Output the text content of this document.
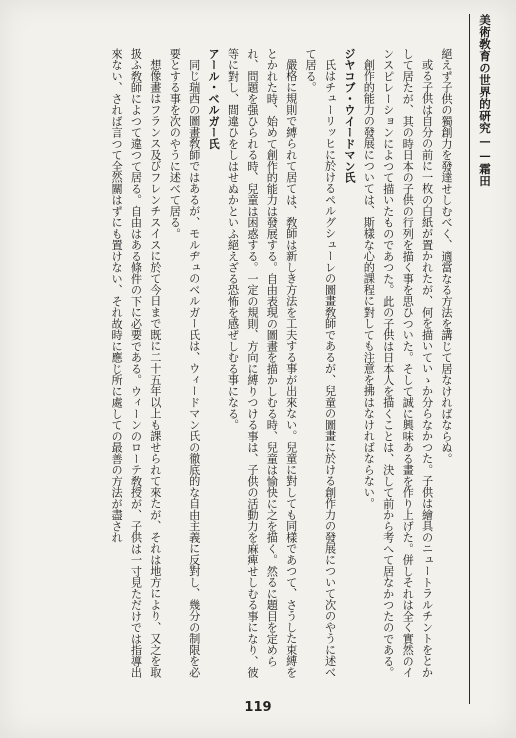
美術敎育の世界的硏究——霜田

絕えず子供の獨創力を發達せしむべく、適當なる方法を講じて居なければならぬ。

或る子供は自分の前に一枚の白紙が置かれたが、何を描いていゝか分らなかつた。子供は繪具のニュートラルチントをとかして居たが、其の時日本の子供の行列を描く事を思ひついた。そして誠に興味ある畫を作り上げた。併しそれは全く實然のインスピレーションによつて描いたものであつた。此の子供は日本人を描くことは、決して前から考へて居なかつたのである。

創作的能力の發展については、斯樣な心的課程に對しても注意を拂はなければならない。

ジヤコブ・ウイードマン氏

氏はチューリッヒに於けるペルグシューレの圖畫敎師であるが、兒童の圖畫に於ける創作力の發展について次のやうに述べて居る。

嚴格に規則で縛られて居ては、敎師は新しき方法を工夫する事が出來ない。兒童に對しても同樣であつて、さうした束縛をとかれた時、始めて創作的能力は發展する。自由表現の圖畫を描かしむる時、兒童は愉快に之を描く。然るに題目を定められ、問題を强ひられる時、兒童は困惑する。一定の規則、方向に縛りつける事は、子供の活動力を麻痺せしむる事になり、彼等に對し、間違ひをしはせぬかといふ絕えざる恐怖を感ぜしむる事になる。

アール・ベルガー氏

同じ瑞西の圖畫敎師ではあるが、モルヂュのベルガー氏は、ウィードマン氏の徹底的な自由主義に反對し、幾分の制限を必要とする事を次のやうに述べて居る。

想像畫はフランス及びフレンチスイスに於て今日まで既に二十五年以上も課せられて來たが、それは地方により、又之を取扱ふ敎師によつて違つて居る。自由はある條件の下に必要である。ウィーンのローテ敎授が、子供は一寸見ただけでは指導出來ない、されば言つて全然關はずにも置けない、それ故時に應じ所に處しての最善の方法が盡され

119
